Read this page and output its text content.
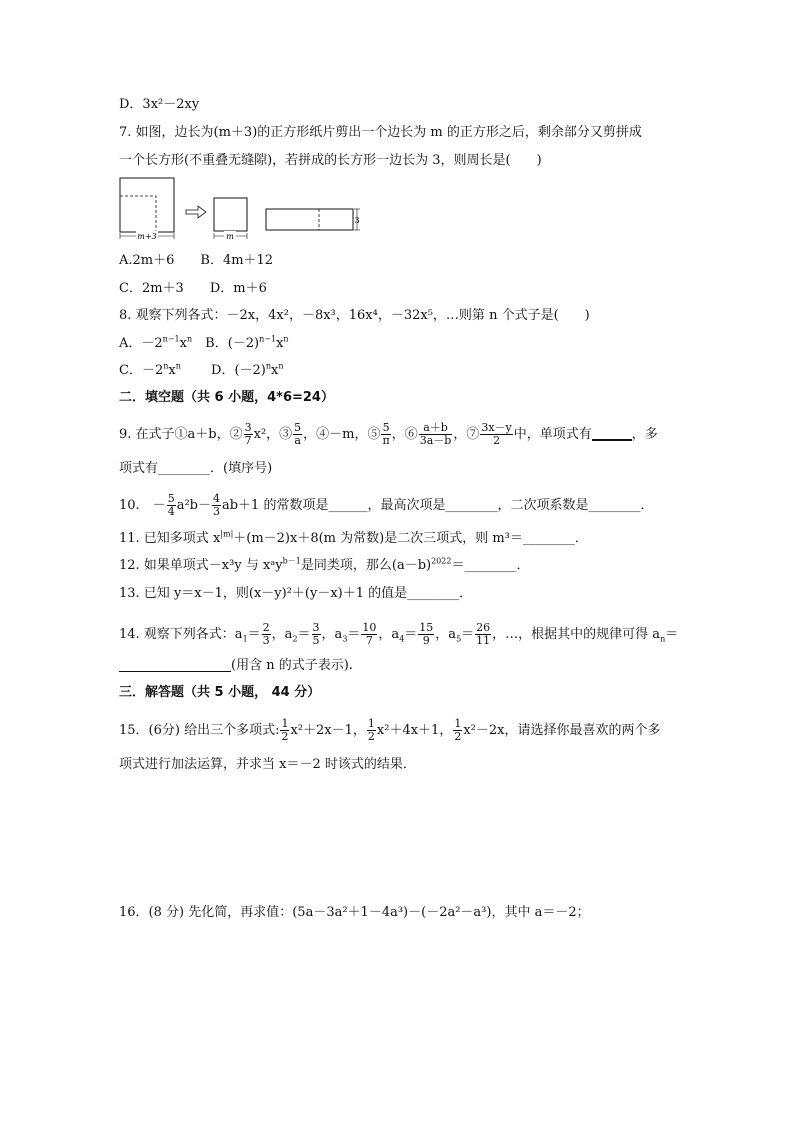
D．3x²－2xy
7. 如图，边长为(m＋3)的正方形纸片剪出一个边长为 m 的正方形之后，剩余部分又剪拼成
一个长方形(不重叠无缝隙)，若拼成的长方形一边长为 3，则周长是(　　)
m+3	m
3
A.2m＋6　　B．4m＋12
C．2m＋3　　D．m＋6
8. 观察下列各式：－2x，4x²，－8x³，16x⁴，－32x⁵，…则第 n 个式子是(　　)
A．$-2^{n-1}x^n$　 B．$(-2)^{n-1}x^n$
C．$-2^nx^n$　　 D．$(-2)^nx^n$
二．填空题（共 6 小题，4*6=24）
9. 在式子①a＋b，② $\frac{3}{7} x^2$，③ $\frac{5}{a}$ ，④－m，⑤ $\frac{5}{\pi}$ ，⑥ $\frac{a+b}{3a-b}$ ，⑦ $\frac{3x-y}{2}$ 中，单项式有	，多
项式有________．(填序号)
10.　－ $\frac{5}{4} a^2b- \frac{4}{3} ab+1$ 的常数项是______，最高次项是________，二次项系数是________．
11. 已知多项式 $x^{|m|}+(m-2)x+8(m$ 为常数)是二次三项式，则 m³＝________．
12. 如果单项式－x³y 与 xᵃy$^{b-1}$是同类项，那么$(a-b)^{2022}=\_\_\_\_\_\_\_\_$．
13. 已知 y＝x－1，则(x－y)²＋(y－x)＋1 的值是________．
14. 观察下列各式：$a_1= \frac{2}{3}$ ，$a_2= \frac{3}{5}$ ，$a_3= \frac{10}{7}$ ，$a_4= \frac{15}{9}$ ，$a_5= \frac{26}{11}$ ，…，根据其中的规律可得 $a_n=$
(用含 n 的式子表示).
三．解答题（共 5 小题， 44 分）
15．(6分) 给出三个多项式: $\frac{1}{2} x^2+2x-1$， $\frac{1}{2} x^2+4x+1$， $\frac{1}{2} x^2-2x$，请选择你最喜欢的两个多
项式进行加法运算，并求当 x＝－2 时该式的结果．
16．(8 分) 先化简，再求值：(5a－3a²＋1－4a³)－(－2a²－a³)，其中 a＝－2；
